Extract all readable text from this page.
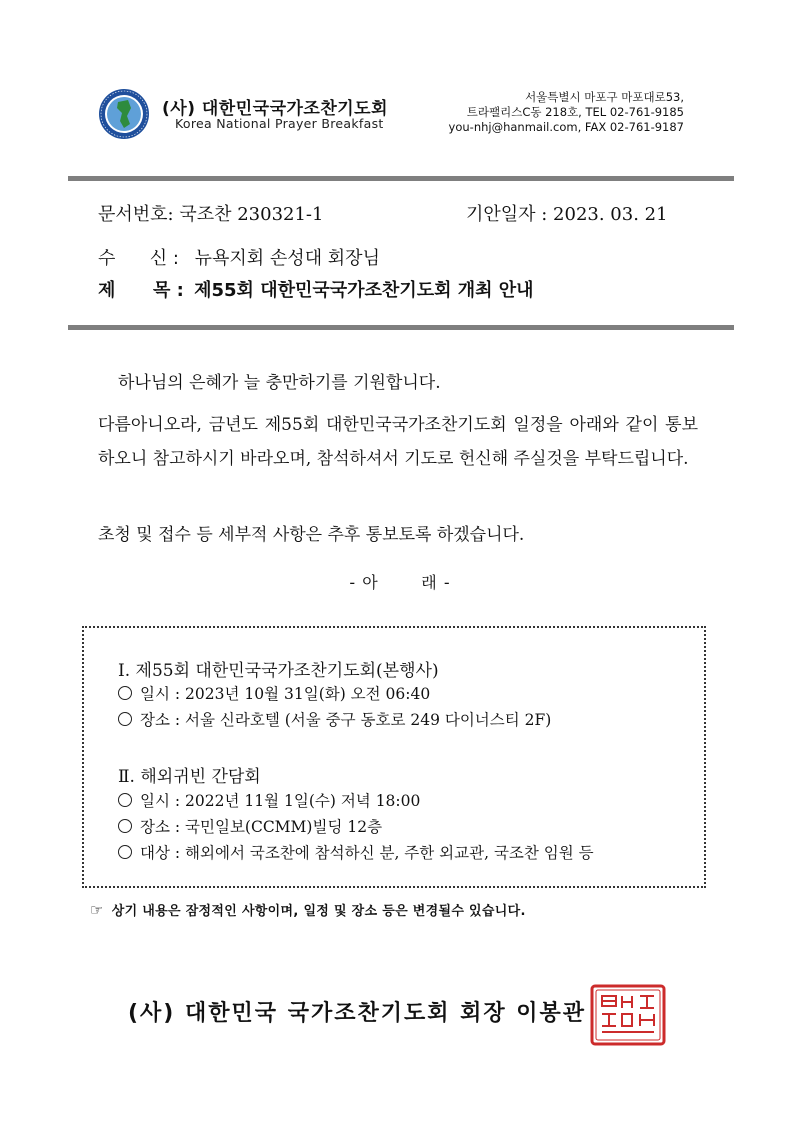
(사) 대한민국국가조찬기도회
Korea National Prayer Breakfast
서울특별시 마포구 마포대로53,
트라팰리스C동 218호, TEL 02-761-9185
you-nhj@hanmail.com, FAX 02-761-9187
문서번호: 국조찬 230321-1	기안일자 : 2023. 03. 21
수      신 : 뉴욕지회 손성대 회장님
제      목 : 제55회 대한민국국가조찬기도회 개최 안내
하나님의 은혜가 늘 충만하기를 기원합니다.
다름아니오라, 금년도 제55회 대한민국국가조찬기도회 일정을 아래와 같이 통보하오니 참고하시기 바라오며, 참석하셔서 기도로 헌신해 주실것을 부탁드립니다.
초청 및 접수 등 세부적 사항은 추후 통보토록 하겠습니다.
- 아       래 -
Ⅰ. 제55회 대한민국국가조찬기도회(본행사)
일시 : 2023년 10월 31일(화) 오전 06:40
장소 : 서울 신라호텔 (서울 중구 동호로 249 다이너스티 2F)
Ⅱ. 해외귀빈 간담회
일시 : 2022년 11월 1일(수) 저녁 18:00
장소 : 국민일보(CCMM)빌딩 12층
대상 : 해외에서 국조찬에 참석하신 분, 주한 외교관, 국조찬 임원 등
☞ 상기 내용은 잠정적인 사항이며, 일정 및 장소 등은 변경될수 있습니다.
(사) 대한민국 국가조찬기도회 회장 이봉관
